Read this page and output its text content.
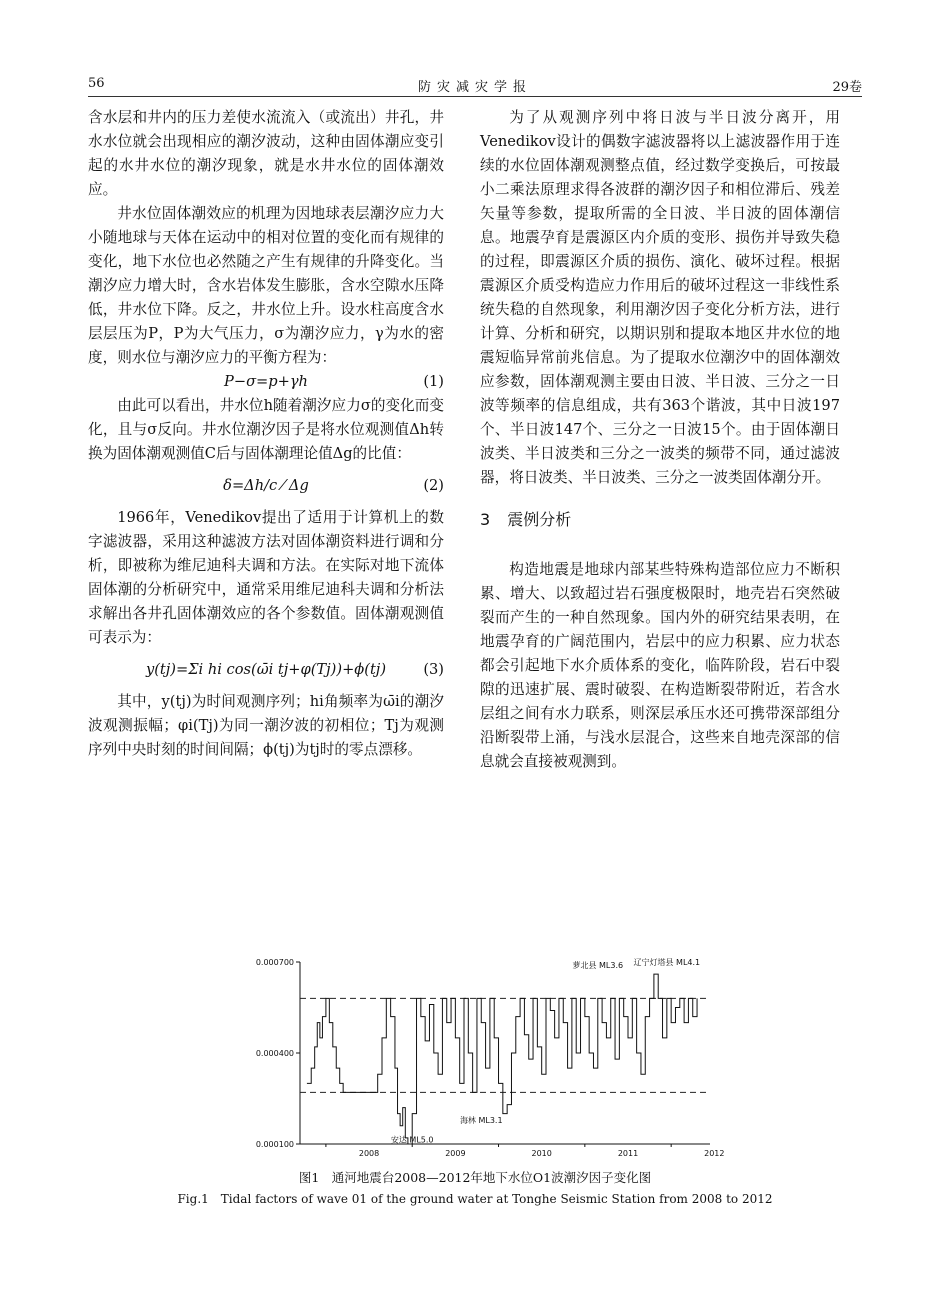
56	防灾减灾学报	29卷

含水层和井内的压力差使水流流入（或流出）井孔，井水水位就会出现相应的潮汐波动，这种由固体潮应变引起的水井水位的潮汐现象，就是水井水位的固体潮效应。

井水位固体潮效应的机理为因地球表层潮汐应力大小随地球与天体在运动中的相对位置的变化而有规律的变化，地下水位也必然随之产生有规律的升降变化。当潮汐应力增大时，含水岩体发生膨胀，含水空隙水压降低，井水位下降。反之，井水位上升。设水柱高度含水层层压为P，P为大气压力，σ为潮汐应力，γ为水的密度，则水位与潮汐应力的平衡方程为：

P−σ=p+γh	(1)

由此可以看出，井水位h随着潮汐应力σ的变化而变化，且与σ反向。井水位潮汐因子是将水位观测值Δh转换为固体潮观测值C后与固体潮理论值Δg的比值：

δ=Δh/c ⁄ Δg	(2)

1966年，Venedikov提出了适用于计算机上的数字滤波器，采用这种滤波方法对固体潮资料进行调和分析，即被称为维尼迪科夫调和方法。在实际对地下流体固体潮的分析研究中，通常采用维尼迪科夫调和分析法求解出各井孔固体潮效应的各个参数值。固体潮观测值可表示为：

y(tj)=Σi hi cos(ω̄i tj+φ(Tj))+ϕ(tj)	(3)

其中，y(tj)为时间观测序列；hi角频率为ω̄i的潮汐波观测振幅；φi(Tj)为同一潮汐波的初相位；Tj为观测序列中央时刻的时间间隔；ϕ(tj)为tj时的零点漂移。

为了从观测序列中将日波与半日波分离开，用Venedikov设计的偶数字滤波器将以上滤波器作用于连续的水位固体潮观测整点值，经过数学变换后，可按最小二乘法原理求得各波群的潮汐因子和相位滞后、残差矢量等参数，提取所需的全日波、半日波的固体潮信息。地震孕育是震源区内介质的变形、损伤并导致失稳的过程，即震源区介质的损伤、演化、破坏过程。根据震源区介质受构造应力作用后的破坏过程这一非线性系统失稳的自然现象，利用潮汐因子变化分析方法，进行计算、分析和研究，以期识别和提取本地区井水位的地震短临异常前兆信息。为了提取水位潮汐中的固体潮效应参数，固体潮观测主要由日波、半日波、三分之一日波等频率的信息组成，共有363个谐波，其中日波197个、半日波147个、三分之一日波15个。由于固体潮日波类、半日波类和三分之一波类的频带不同，通过滤波器，将日波类、半日波类、三分之一波类固体潮分开。

3 震例分析

构造地震是地球内部某些特殊构造部位应力不断积累、增大、以致超过岩石强度极限时，地壳岩石突然破裂而产生的一种自然现象。国内外的研究结果表明，在地震孕育的广阔范围内，岩层中的应力积累、应力状态都会引起地下水介质体系的变化，临阵阶段，岩石中裂隙的迅速扩展、震时破裂、在构造断裂带附近，若含水层组之间有水力联系，则深层承压水还可携带深部组分沿断裂带上涌，与浅水层混合，这些来自地壳深部的信息就会直接被观测到。

0.000700
0.000400
0.000100
2008	2009	2010	2011	2012
萝北县 ML3.6 辽宁灯塔县 ML4.1
海林 ML3.1
安达 ML5.0
图1　通河地震台2008—2012年地下水位O1波潮汐因子变化图
Fig.1　Tidal factors of wave 01 of the ground water at Tonghe Seismic Station from 2008 to 2012
